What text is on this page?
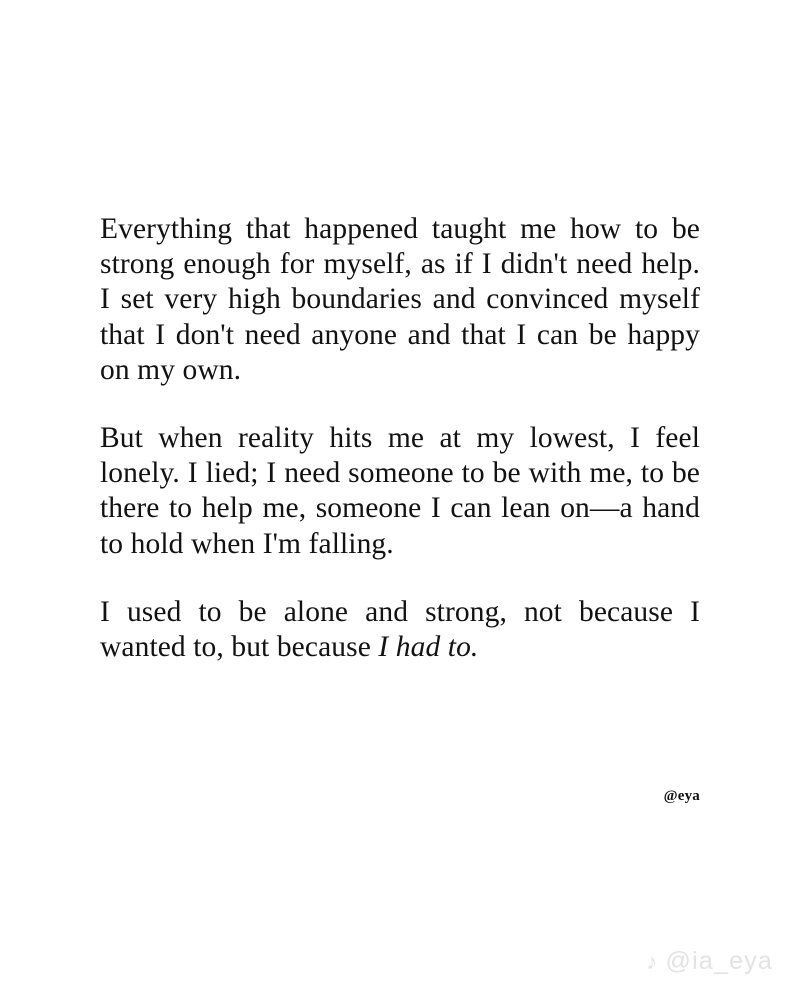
Everything that happened taught me how to be strong enough for myself, as if I didn't need help. I set very high boundaries and convinced myself that I don't need anyone and that I can be happy on my own.

But when reality hits me at my lowest, I feel lonely. I lied; I need someone to be with me, to be there to help me, someone I can lean on—a hand to hold when I'm falling.

I used to be alone and strong, not because I wanted to, but because I had to.

@eya
♪ @ia_eya
